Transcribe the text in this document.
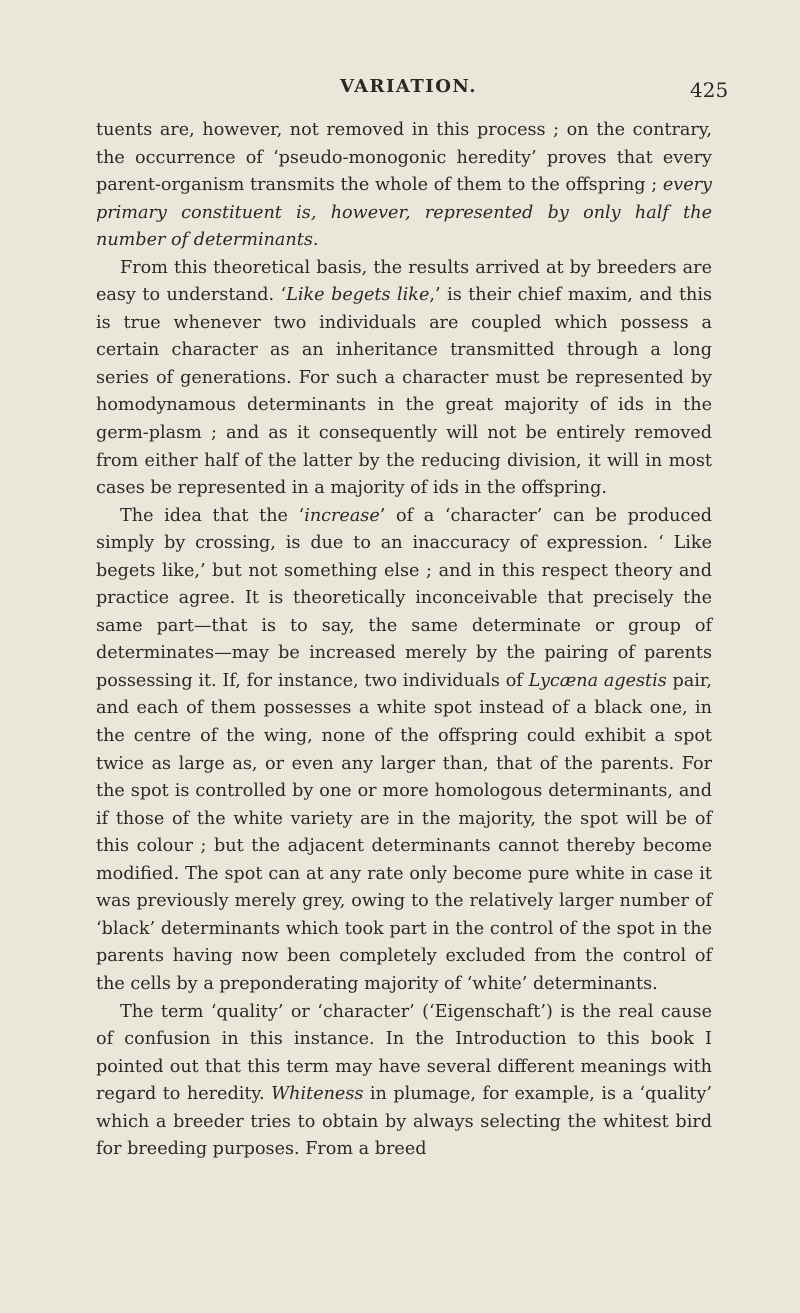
VARIATION.	425

tuents are, however, not removed in this process ; on the contrary, the occurrence of ‘pseudo-monogonic heredity’ proves that every parent-organism transmits the whole of them to the offspring ; every primary constituent is, however, represented by only half the number of determinants.

From this theoretical basis, the results arrived at by breeders are easy to understand. ‘Like begets like,’ is their chief maxim, and this is true whenever two individuals are coupled which possess a certain character as an inheritance transmitted through a long series of generations. For such a character must be represented by homodynamous determinants in the great majority of ids in the germ-plasm ; and as it consequently will not be entirely removed from either half of the latter by the reducing division, it will in most cases be represented in a majority of ids in the offspring.

The idea that the ‘increase’ of a ‘character’ can be produced simply by crossing, is due to an inaccuracy of expression. ‘ Like begets like,’ but not something else ; and in this respect theory and practice agree. It is theoretically inconceivable that precisely the same part—that is to say, the same determinate or group of determinates—may be increased merely by the pairing of parents possessing it. If, for instance, two individuals of Lycæna agestis pair, and each of them possesses a white spot instead of a black one, in the centre of the wing, none of the offspring could exhibit a spot twice as large as, or even any larger than, that of the parents. For the spot is controlled by one or more homologous determinants, and if those of the white variety are in the majority, the spot will be of this colour ; but the adjacent determinants cannot thereby become modified. The spot can at any rate only become pure white in case it was previously merely grey, owing to the relatively larger number of ‘black’ determinants which took part in the control of the spot in the parents having now been completely excluded from the control of the cells by a preponderating majority of ‘white’ determinants.

The term ‘quality’ or ‘character’ (‘Eigenschaft’) is the real cause of confusion in this instance. In the Introduction to this book I pointed out that this term may have several different meanings with regard to heredity. Whiteness in plumage, for example, is a ‘quality’ which a breeder tries to obtain by always selecting the whitest bird for breeding purposes. From a breed
